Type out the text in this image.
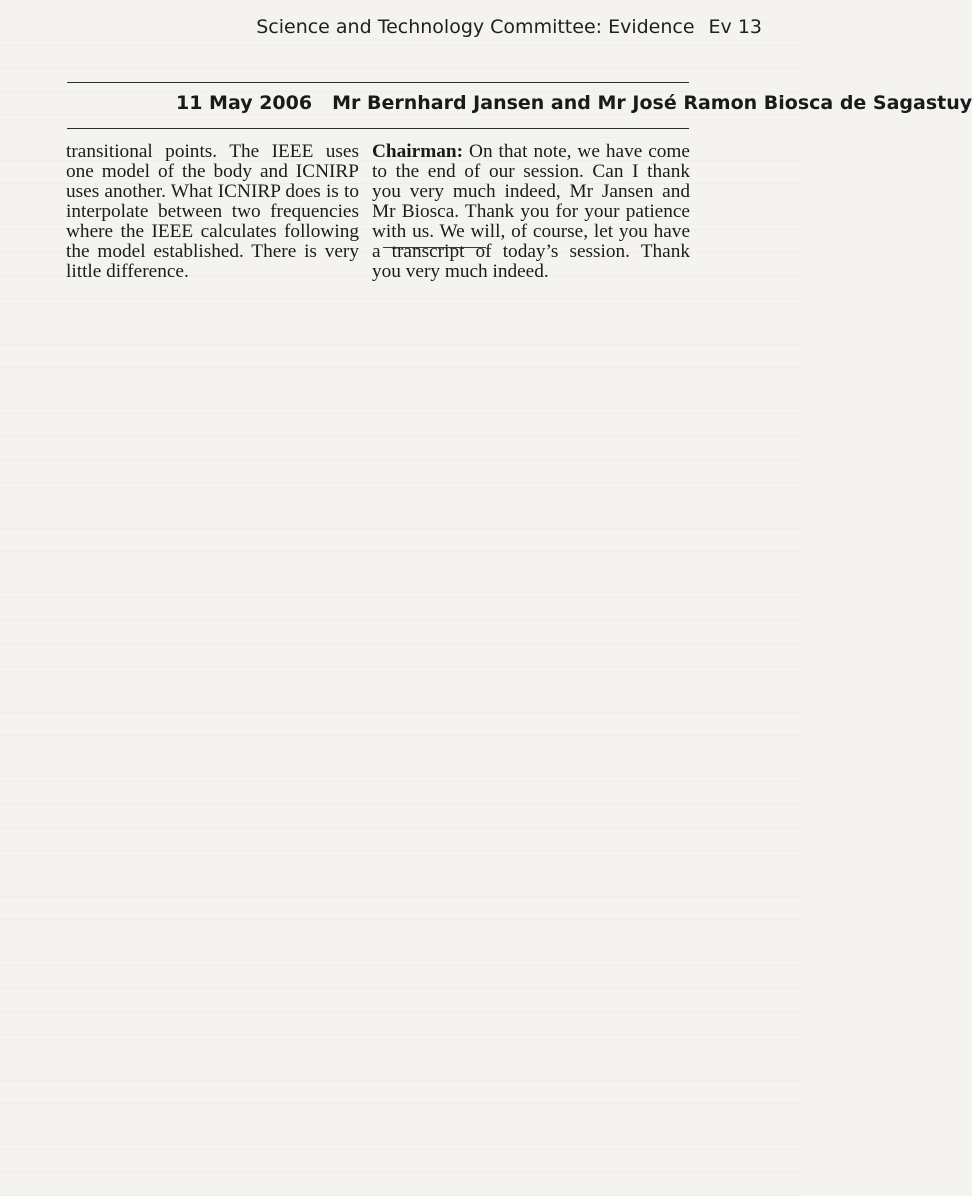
Science and Technology Committee: Evidence Ev 13
11 May 2006 Mr Bernhard Jansen and Mr José Ramon Biosca de Sagastuy
transitional points. The IEEE uses one model of the body and ICNIRP uses another. What ICNIRP does is to interpolate between two frequencies where the IEEE calculates following the model established. There is very little difference.
Chairman: On that note, we have come to the end of our session. Can I thank you very much indeed, Mr Jansen and Mr Biosca. Thank you for your patience with us. We will, of course, let you have a transcript of today’s session. Thank you very much indeed.
